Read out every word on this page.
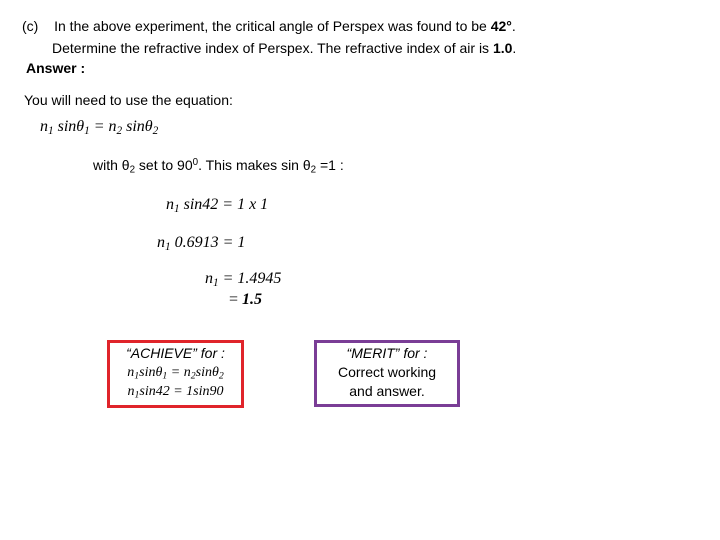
(c) In the above experiment, the critical angle of Perspex was found to be 42°.
Determine the refractive index of Perspex. The refractive index of air is 1.0.
Answer :
You will need to use the equation:
$n_1$ $\sin\theta_1 = n_2$ sinθ$_2$
with $\theta_2$ set to $90^0$. This makes $\sin \theta_2 =1$ :
$n_1$ sin42 = 1 x 1
$n_1$ 0.6913 = 1
$n_1 = 1.4945$
= 1.5
“ACHIEVE” for :
$n_1\sin\theta_1 = n_2\sin\theta_2$
$n_1\sin 42 = 1\sin 90$
“MERIT” for :
Correct working
and answer.
